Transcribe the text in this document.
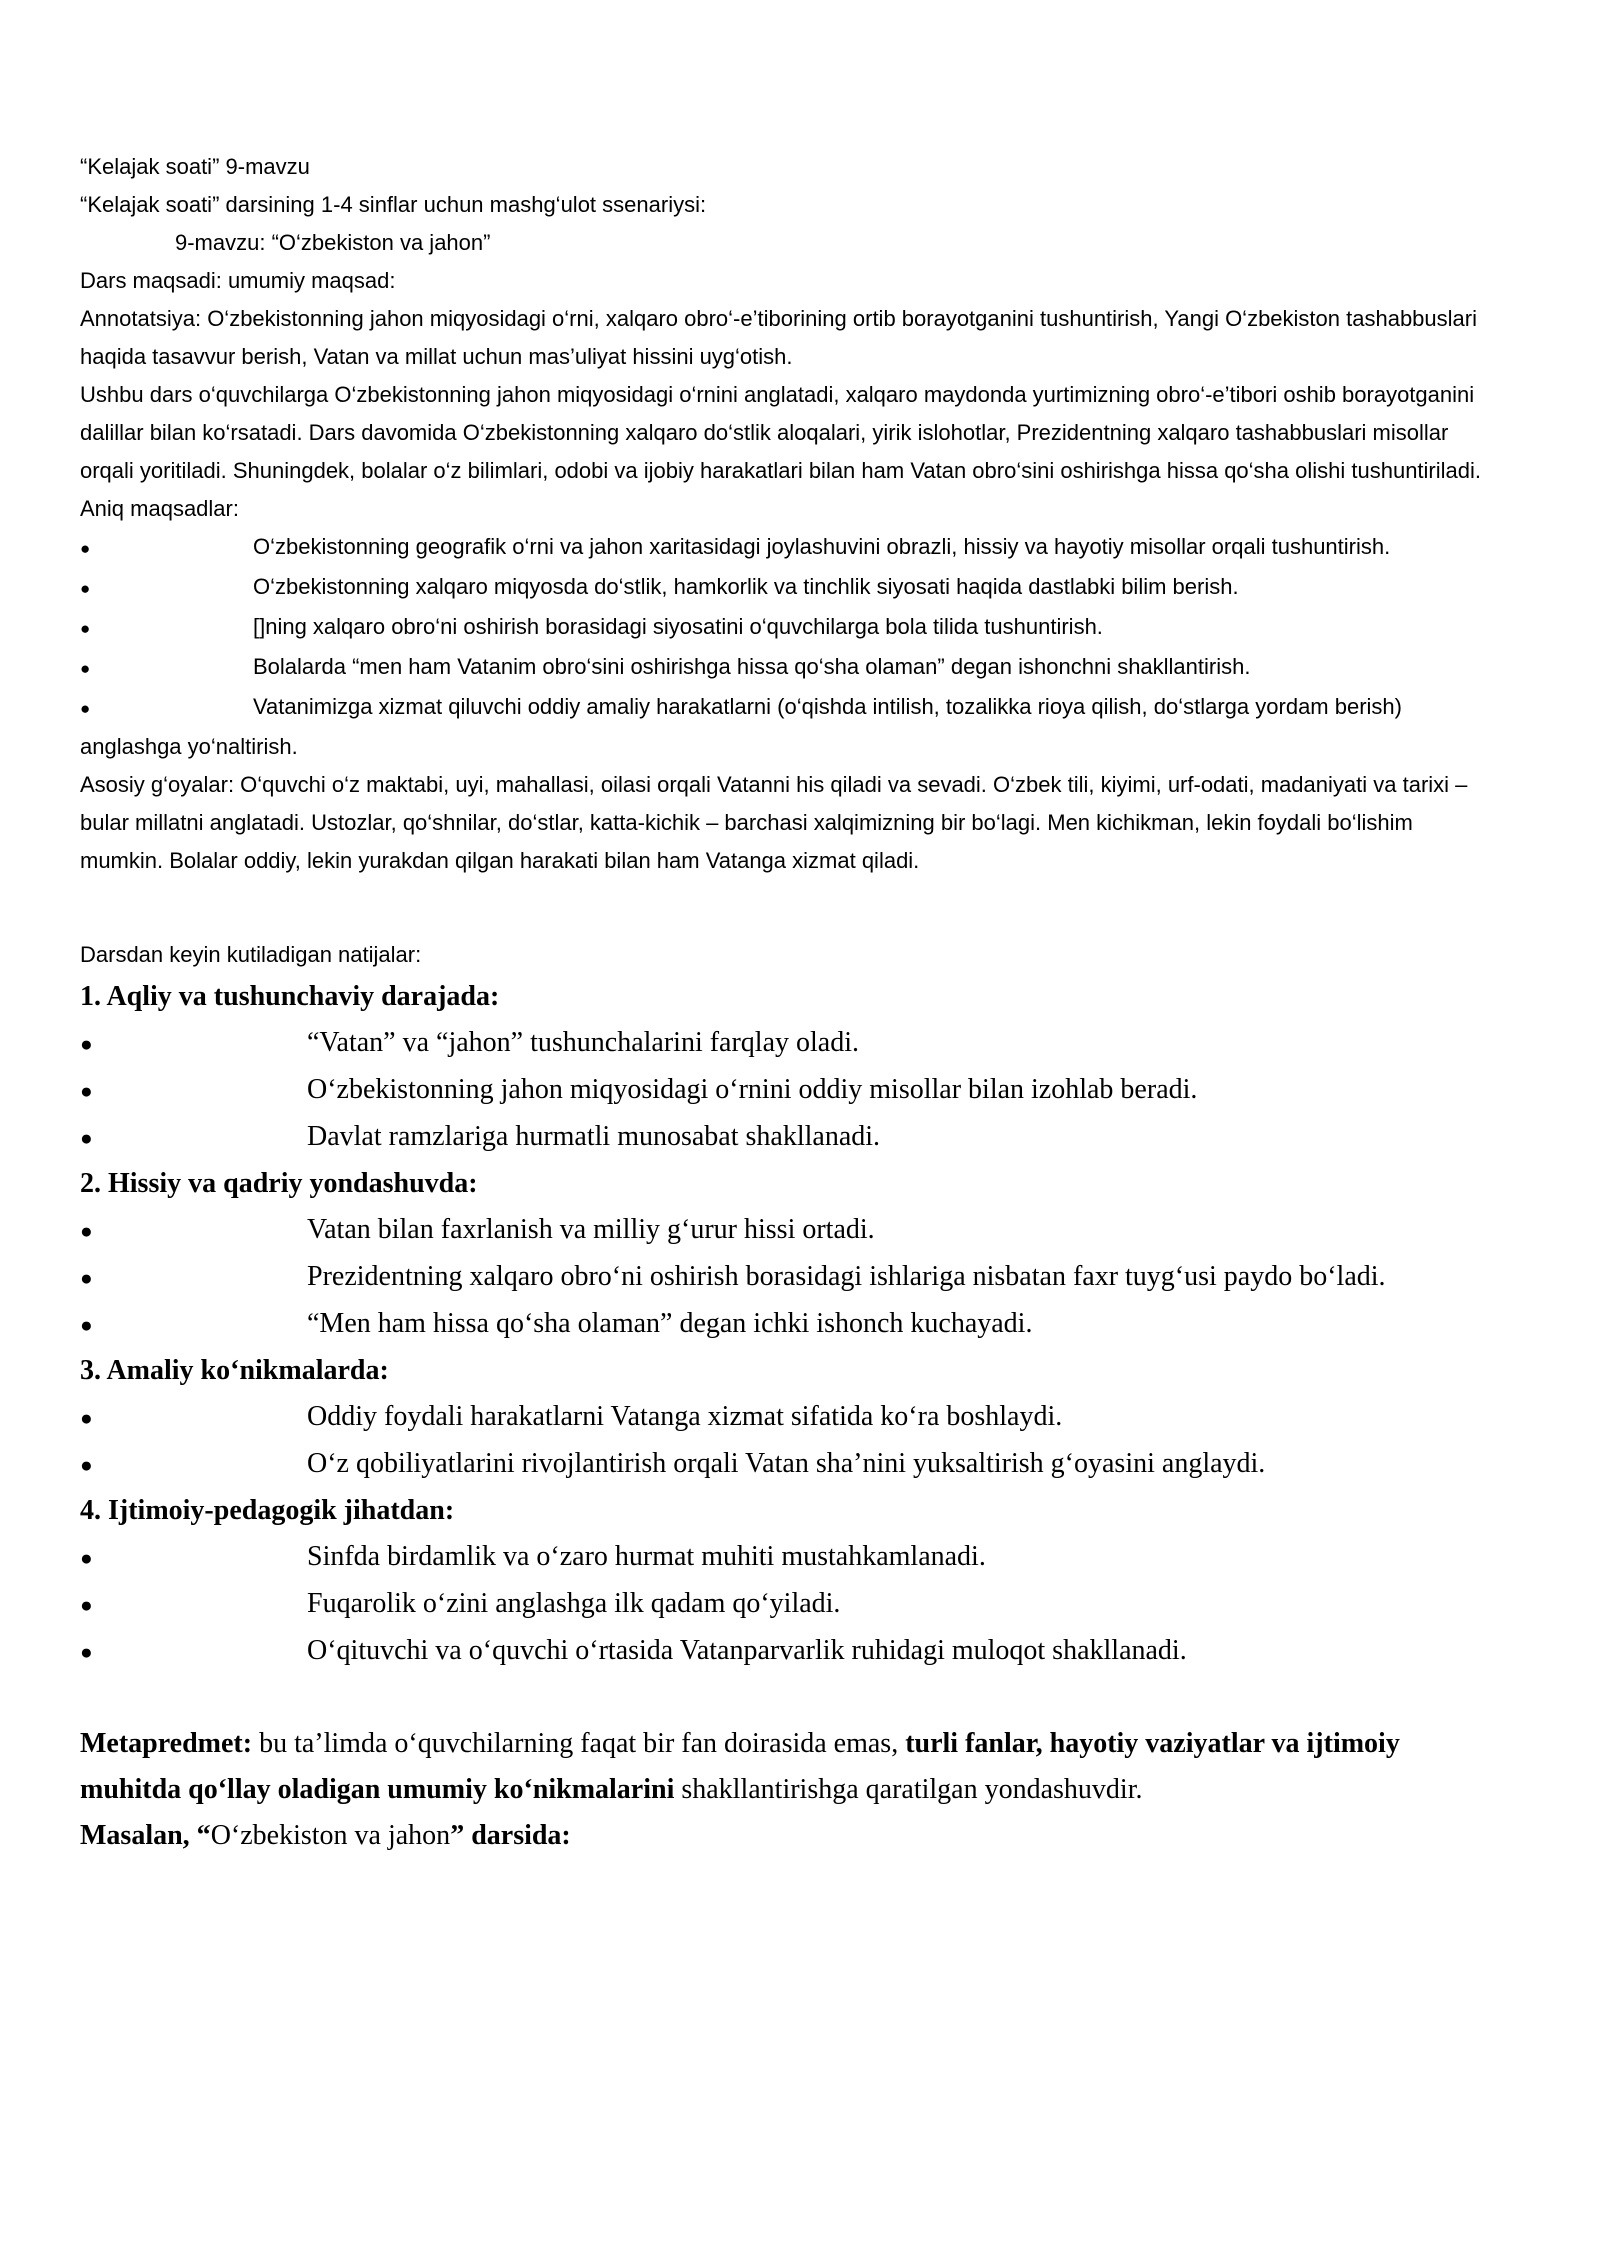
“Kelajak soati” 9-mavzu
“Kelajak soati” darsining 1-4 sinflar uchun mashg‘ulot ssenariysi:
9-mavzu: “O‘zbekiston va jahon”
Dars maqsadi: umumiy maqsad:
Annotatsiya: O‘zbekistonning jahon miqyosidagi o‘rni, xalqaro obro‘-e’tiborining ortib borayotganini tushuntirish, Yangi O‘zbekiston tashabbuslari haqida tasavvur berish, Vatan va millat uchun mas’uliyat hissini uyg‘otish.
Ushbu dars o‘quvchilarga O‘zbekistonning jahon miqyosidagi o‘rnini anglatadi, xalqaro maydonda yurtimizning obro‘-e’tibori oshib borayotganini dalillar bilan ko‘rsatadi. Dars davomida O‘zbekistonning xalqaro do‘stlik aloqalari, yirik islohotlar, Prezidentning xalqaro tashabbuslari misollar orqali yoritiladi. Shuningdek, bolalar o‘z bilimlari, odobi va ijobiy harakatlari bilan ham Vatan obro‘sini oshirishga hissa qo‘sha olishi tushuntiriladi.
Aniq maqsadlar:
●	O‘zbekistonning geografik o‘rni va jahon xaritasidagi joylashuvini obrazli, hissiy va hayotiy misollar orqali tushuntirish.
●	O‘zbekistonning xalqaro miqyosda do‘stlik, hamkorlik va tinchlik siyosati haqida dastlabki bilim berish.
●	[]ning xalqaro obro‘ni oshirish borasidagi siyosatini o‘quvchilarga bola tilida tushuntirish.
●	Bolalarda “men ham Vatanim obro‘sini oshirishga hissa qo‘sha olaman” degan ishonchni shakllantirish.
●	Vatanimizga xizmat qiluvchi oddiy amaliy harakatlarni (o‘qishda intilish, tozalikka rioya qilish, do‘stlarga yordam berish) anglashga yo‘naltirish.
Asosiy g‘oyalar: O‘quvchi o‘z maktabi, uyi, mahallasi, oilasi orqali Vatanni his qiladi va sevadi. O‘zbek tili, kiyimi, urf-odati, madaniyati va tarixi – bular millatni anglatadi. Ustozlar, qo‘shnilar, do‘stlar, katta-kichik – barchasi xalqimizning bir bo‘lagi. Men kichikman, lekin foydali bo‘lishim mumkin. Bolalar oddiy, lekin yurakdan qilgan harakati bilan ham Vatanga xizmat qiladi.
Darsdan keyin kutiladigan natijalar:
1. Aqliy va tushunchaviy darajada:
●	“Vatan” va “jahon” tushunchalarini farqlay oladi.
●	O‘zbekistonning jahon miqyosidagi o‘rnini oddiy misollar bilan izohlab beradi.
●	Davlat ramzlariga hurmatli munosabat shakllanadi.
2. Hissiy va qadriy yondashuvda:
●	Vatan bilan faxrlanish va milliy g‘urur hissi ortadi.
●	Prezidentning xalqaro obro‘ni oshirish borasidagi ishlariga nisbatan faxr tuyg‘usi paydo bo‘ladi.
●	“Men ham hissa qo‘sha olaman” degan ichki ishonch kuchayadi.
3. Amaliy ko‘nikmalarda:
●	Oddiy foydali harakatlarni Vatanga xizmat sifatida ko‘ra boshlaydi.
●	O‘z qobiliyatlarini rivojlantirish orqali Vatan sha’nini yuksaltirish g‘oyasini anglaydi.
4. Ijtimoiy-pedagogik jihatdan:
●	Sinfda birdamlik va o‘zaro hurmat muhiti mustahkamlanadi.
●	Fuqarolik o‘zini anglashga ilk qadam qo‘yiladi.
●	O‘qituvchi va o‘quvchi o‘rtasida Vatanparvarlik ruhidagi muloqot shakllanadi.
Metapredmet: bu ta’limda o‘quvchilarning faqat bir fan doirasida emas, turli fanlar, hayotiy vaziyatlar va ijtimoiy muhitda qo‘llay oladigan umumiy ko‘nikmalarini shakllantirishga qaratilgan yondashuvdir.
Masalan, “O‘zbekiston va jahon” darsida:
